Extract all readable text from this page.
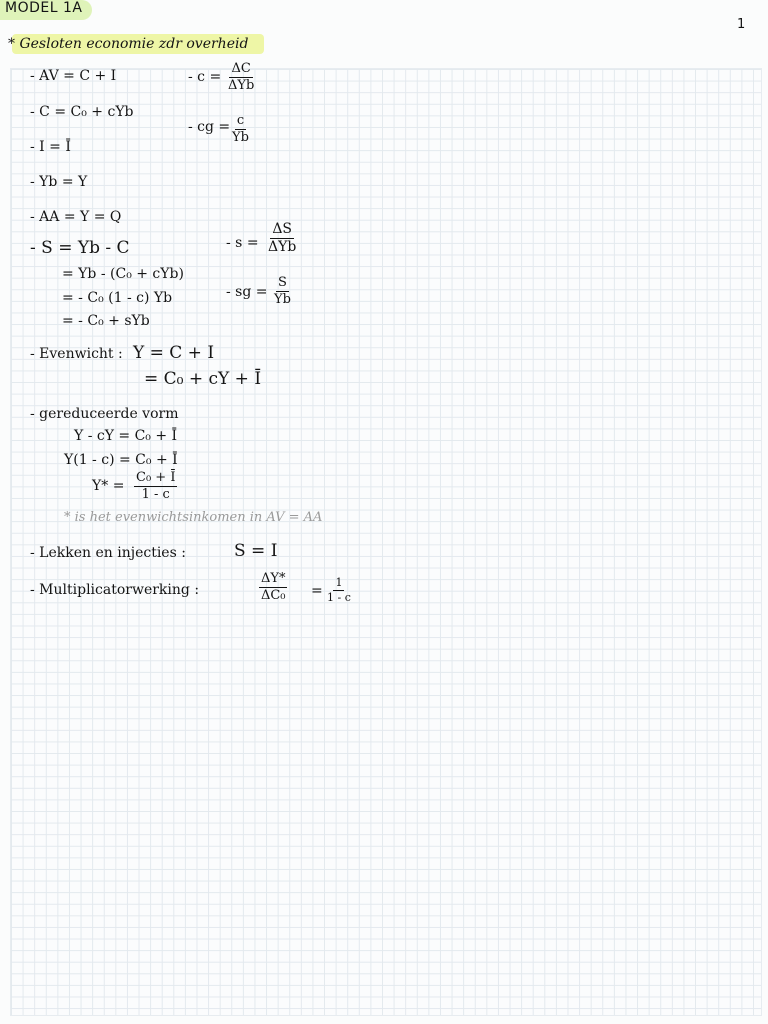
MODEL 1A
1
* Gesloten economie zdr overheid
- AV = C + I
- C = C₀ + cYb
- I = Ī
- Yb = Y
- AA = Y = Q
- S = Yb - C
= Yb - (C₀ + cYb)
= - C₀ (1 - c) Yb
= - C₀ + sYb
- Evenwicht : Y = C + I
= C₀ + cY + Ī
- gereduceerde vorm
Y - cY = C₀ + Ī
Y(1 - c) = C₀ + Ī
$Y* = \frac{\text{C₀ + Ī}}{1 - c}$
* is het evenwichtsinkomen in AV = AA
- Lekken en injecties :	S = I
- Multiplicatorwerking :	$\frac{\Delta Y*}{\text{ΔC₀}} = \frac{1}{1 - c}$
- c =
ΔC
ΔYb
- cg = $\frac{c}{Yb}$
- s =
ΔS
ΔYb
- sg = $\frac{S}{Yb}$
